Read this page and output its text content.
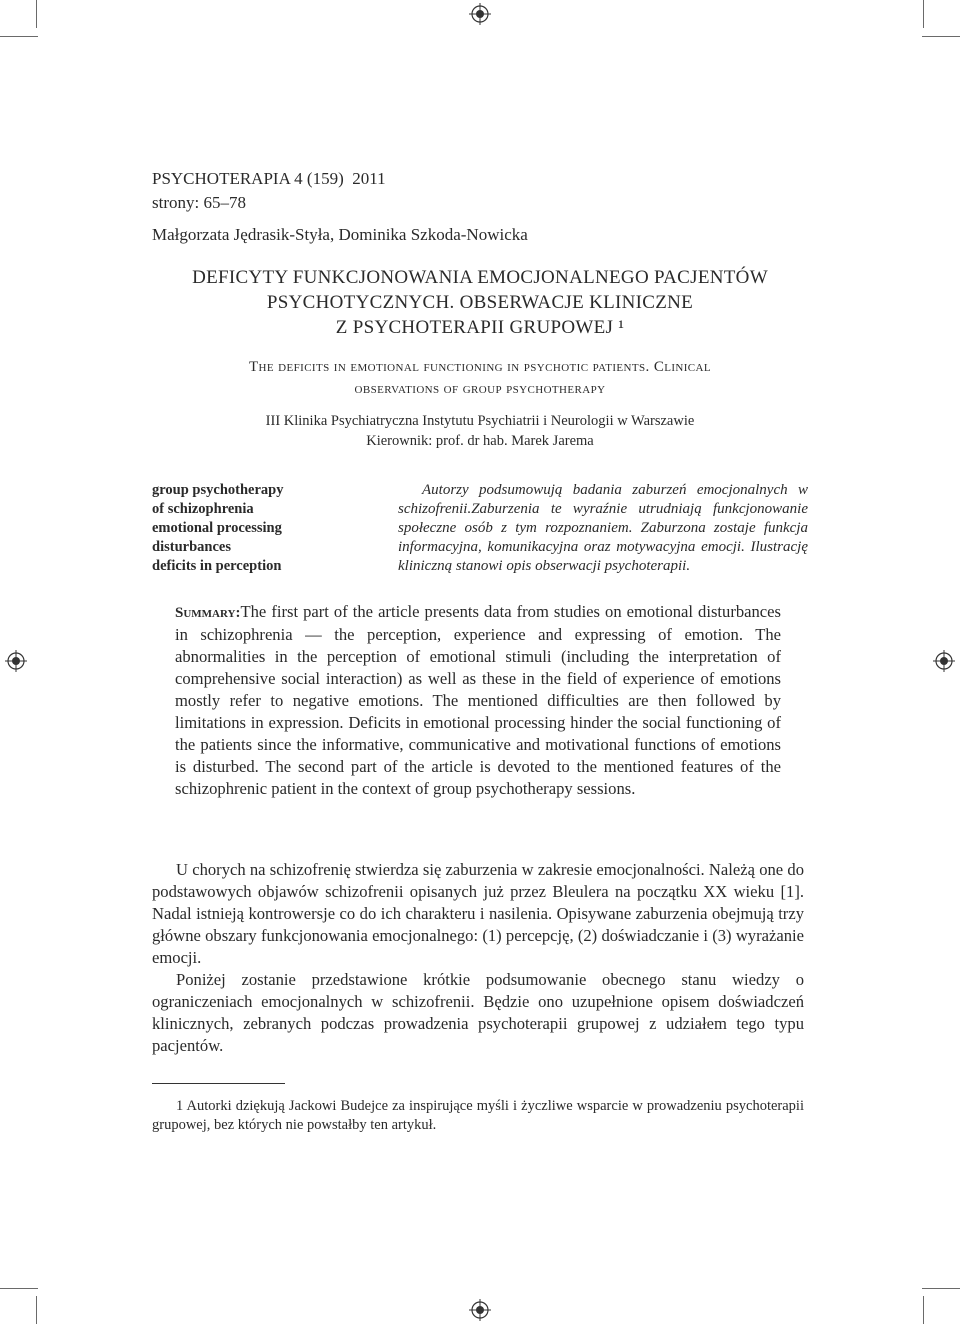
PSYCHOTERAPIA 4 (159)  2011
strony: 65–78
Małgorzata Jędrasik-Styła, Dominika Szkoda-Nowicka
DEFICYTY FUNKCJONOWANIA EMOCJONALNEGO PACJENTÓW
PSYCHOTYCZNYCH. OBSERWACJE KLINICZNE
Z PSYCHOTERAPII GRUPOWEJ ¹
The deficits in emotional functioning in psychotic patients. Clinical
observations of group psychotherapy
III Klinika Psychiatryczna Instytutu Psychiatrii i Neurologii w Warszawie
Kierownik: prof. dr hab. Marek Jarema
group psychotherapy
of schizophrenia
emotional processing
disturbances
deficits in perception
Autorzy podsumowują badania zaburzeń emocjonalnych w schizofrenii.Zaburzenia te wyraźnie utrudniają funkcjonowanie społeczne osób z tym rozpoznaniem. Zaburzona zostaje funkcja informacyjna, komunikacyjna oraz motywacyjna emocji. Ilustrację kliniczną stanowi opis obserwacji psychoterapii.
Summary:The first part of the article presents data from studies on emotional disturbances in schizophrenia — the perception, experience and expressing of emotion. The abnormalities in the perception of emotional stimuli (including the interpretation of comprehensive social interaction) as well as these in the field of experience of emotions mostly refer to negative emotions. The mentioned difficulties are then followed by limitations in expression. Deficits in emotional processing hinder the social functioning of the patients since the informative, communicative and motivational functions of emotions is disturbed. The second part of the article is devoted to the mentioned features of the schizophrenic patient in the context of group psychotherapy sessions.

U chorych na schizofrenię stwierdza się zaburzenia w zakresie emocjonalności. Należą one do podstawowych objawów schizofrenii opisanych już przez Bleulera na początku XX wieku [1]. Nadal istnieją kontrowersje co do ich charakteru i nasilenia. Opisywane zaburzenia obejmują trzy główne obszary funkcjonowania emocjonalnego: (1) percepcję, (2) doświadczanie i (3) wyrażanie emocji.

Poniżej zostanie przedstawione krótkie podsumowanie obecnego stanu wiedzy o ograniczeniach emocjonalnych w schizofrenii. Będzie ono uzupełnione opisem doświadczeń klinicznych, zebranych podczas prowadzenia psychoterapii grupowej z udziałem tego typu pacjentów.

1 Autorki dziękują Jackowi Budejce za inspirujące myśli i życzliwe wsparcie w prowadzeniu psychoterapii grupowej, bez których nie powstałby ten artykuł.
